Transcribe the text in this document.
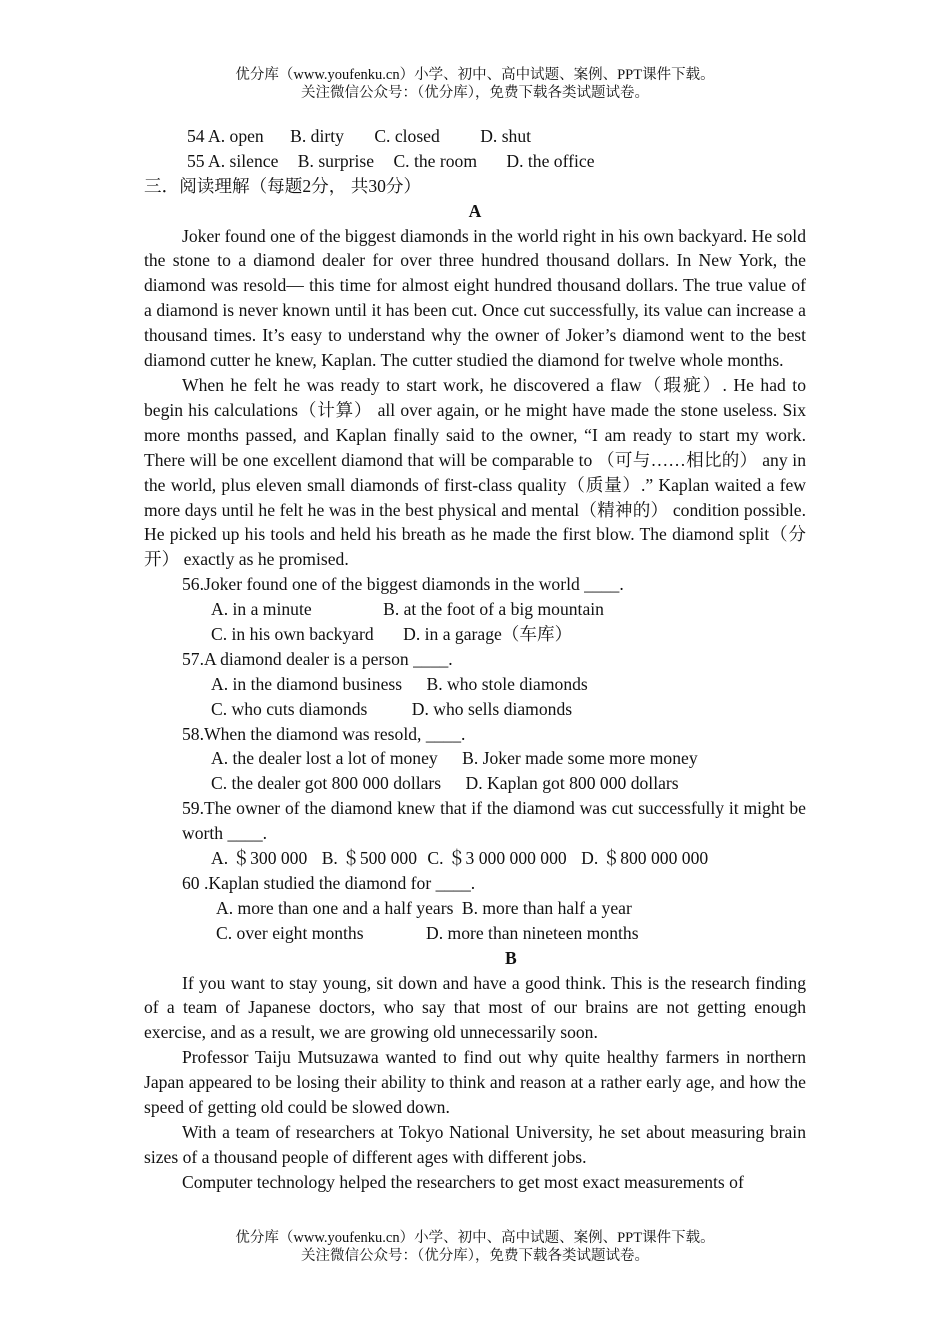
优分库（www.youfenku.cn）小学、初中、高中试题、案例、PPT课件下载。
关注微信公众号：（优分库），免费下载各类试题试卷。
54 A. open B. dirty C. closed D. shut
55 A. silence B. surprise C. the room D. the office
三．阅读理解（每题2分， 共30分）
A
Joker found one of the biggest diamonds in the world right in his own backyard. He sold the stone to a diamond dealer for over three hundred thousand dollars. In New York, the diamond was resold— this time for almost eight hundred thousand dollars. The true value of a diamond is never known until it has been cut. Once cut successfully, its value can increase a thousand times. It’s easy to understand why the owner of Joker’s diamond went to the best diamond cutter he knew, Kaplan. The cutter studied the diamond for twelve whole months.
When he felt he was ready to start work, he discovered a flaw（瑕疵）. He had to begin his calculations（计算） all over again, or he might have made the stone useless. Six more months passed, and Kaplan finally said to the owner, “I am ready to start my work. There will be one excellent diamond that will be comparable to （可与……相比的） any in the world, plus eleven small diamonds of first-class quality（质量）.” Kaplan waited a few more days until he felt he was in the best physical and mental（精神的） condition possible. He picked up his tools and held his breath as he made the first blow. The diamond split（分开） exactly as he promised.
56.Joker found one of the biggest diamonds in the world ____.
A. in a minute	B. at the foot of a big mountain
C. in his own backyard D. in a garage（车库）
57.A diamond dealer is a person ____.
A. in the diamond business B. who stole diamonds
C. who cuts diamonds	D. who sells diamonds
58.When the diamond was resold, ____.
A. the dealer lost a lot of money B. Joker made some more money
C. the dealer got 800 000 dollars D. Kaplan got 800 000 dollars
59.The owner of the diamond knew that if the diamond was cut successfully it might be worth ____.
A. ＄300 000 B. ＄500 000 C. ＄3 000 000 000 D. ＄800 000 000
60 .Kaplan studied the diamond for ____.
A. more than one and a half years B. more than half a year
C. over eight months	D. more than nineteen months
B
If you want to stay young, sit down and have a good think. This is the research finding of a team of Japanese doctors, who say that most of our brains are not getting enough exercise, and as a result, we are growing old unnecessarily soon.
Professor Taiju Mutsuzawa wanted to find out why quite healthy farmers in northern Japan appeared to be losing their ability to think and reason at a rather early age, and how the speed of getting old could be slowed down.
With a team of researchers at Tokyo National University, he set about measuring brain sizes of a thousand people of different ages with different jobs.
Computer technology helped the researchers to get most exact measurements of
优分库（www.youfenku.cn）小学、初中、高中试题、案例、PPT课件下载。
关注微信公众号：（优分库），免费下载各类试题试卷。
